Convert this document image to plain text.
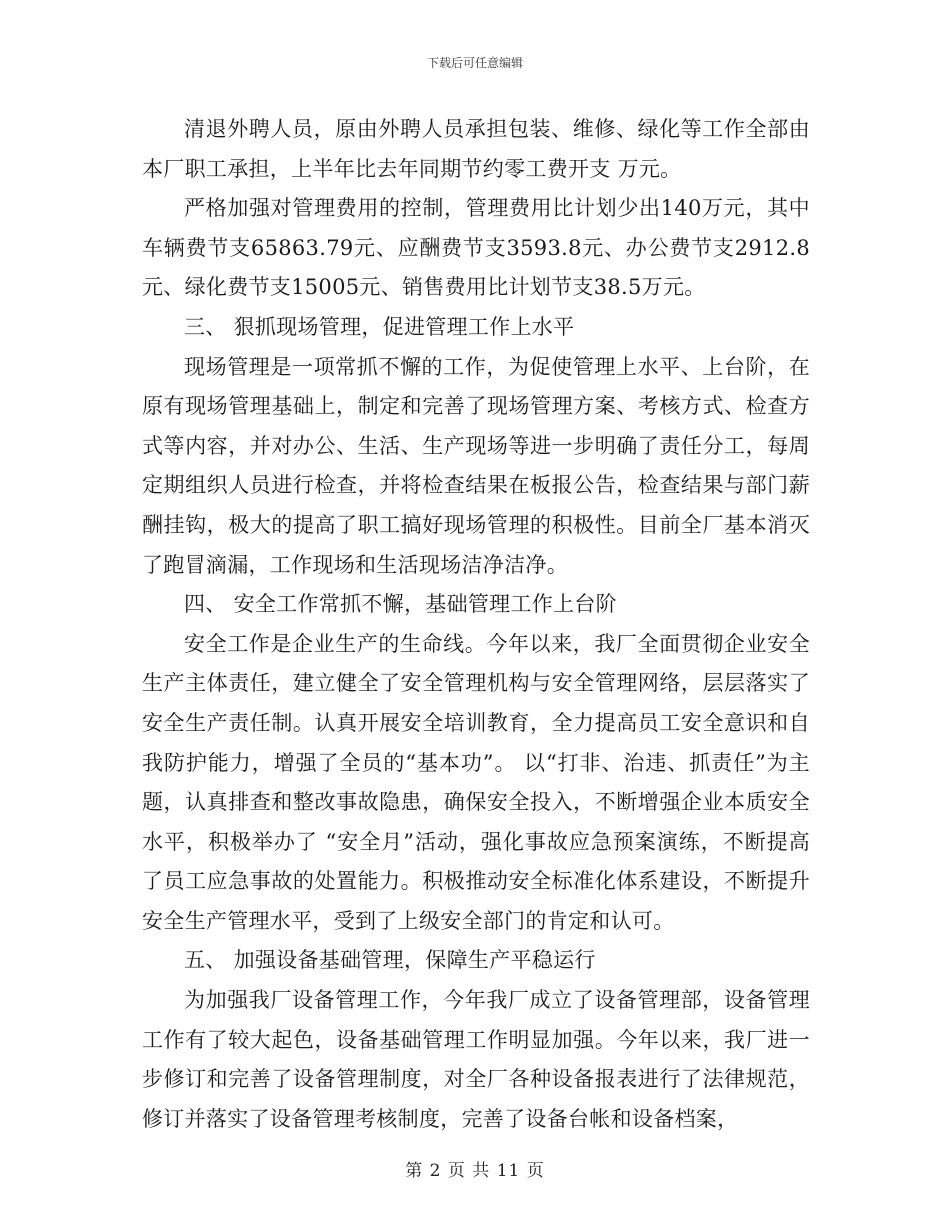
下载后可任意编辑

清退外聘人员，原由外聘人员承担包装、维修、绿化等工作全部由本厂职工承担，上半年比去年同期节约零工费开支 万元。

严格加强对管理费用的控制，管理费用比计划少出140万元，其中车辆费节支65863.79元、应酬费节支3593.8元、办公费节支2912.8元、绿化费节支15005元、销售费用比计划节支38.5万元。

三、 狠抓现场管理，促进管理工作上水平

现场管理是一项常抓不懈的工作，为促使管理上水平、上台阶，在原有现场管理基础上，制定和完善了现场管理方案、考核方式、检查方式等内容，并对办公、生活、生产现场等进一步明确了责任分工，每周定期组织人员进行检查，并将检查结果在板报公告，检查结果与部门薪酬挂钩，极大的提高了职工搞好现场管理的积极性。目前全厂基本消灭了跑冒滴漏，工作现场和生活现场洁净洁净。

四、 安全工作常抓不懈，基础管理工作上台阶

安全工作是企业生产的生命线。今年以来，我厂全面贯彻企业安全生产主体责任，建立健全了安全管理机构与安全管理网络，层层落实了安全生产责任制。认真开展安全培训教育，全力提高员工安全意识和自我防护能力，增强了全员的“基本功”。 以“打非、治违、抓责任”为主题，认真排查和整改事故隐患，确保安全投入，不断增强企业本质安全水平，积极举办了 “安全月”活动，强化事故应急预案演练，不断提高了员工应急事故的处置能力。积极推动安全标准化体系建设，不断提升安全生产管理水平，受到了上级安全部门的肯定和认可。

五、 加强设备基础管理，保障生产平稳运行

为加强我厂设备管理工作，今年我厂成立了设备管理部，设备管理工作有了较大起色，设备基础管理工作明显加强。今年以来，我厂进一步修订和完善了设备管理制度，对全厂各种设备报表进行了法律规范，修订并落实了设备管理考核制度，完善了设备台帐和设备档案，

第 2 页 共 11 页
